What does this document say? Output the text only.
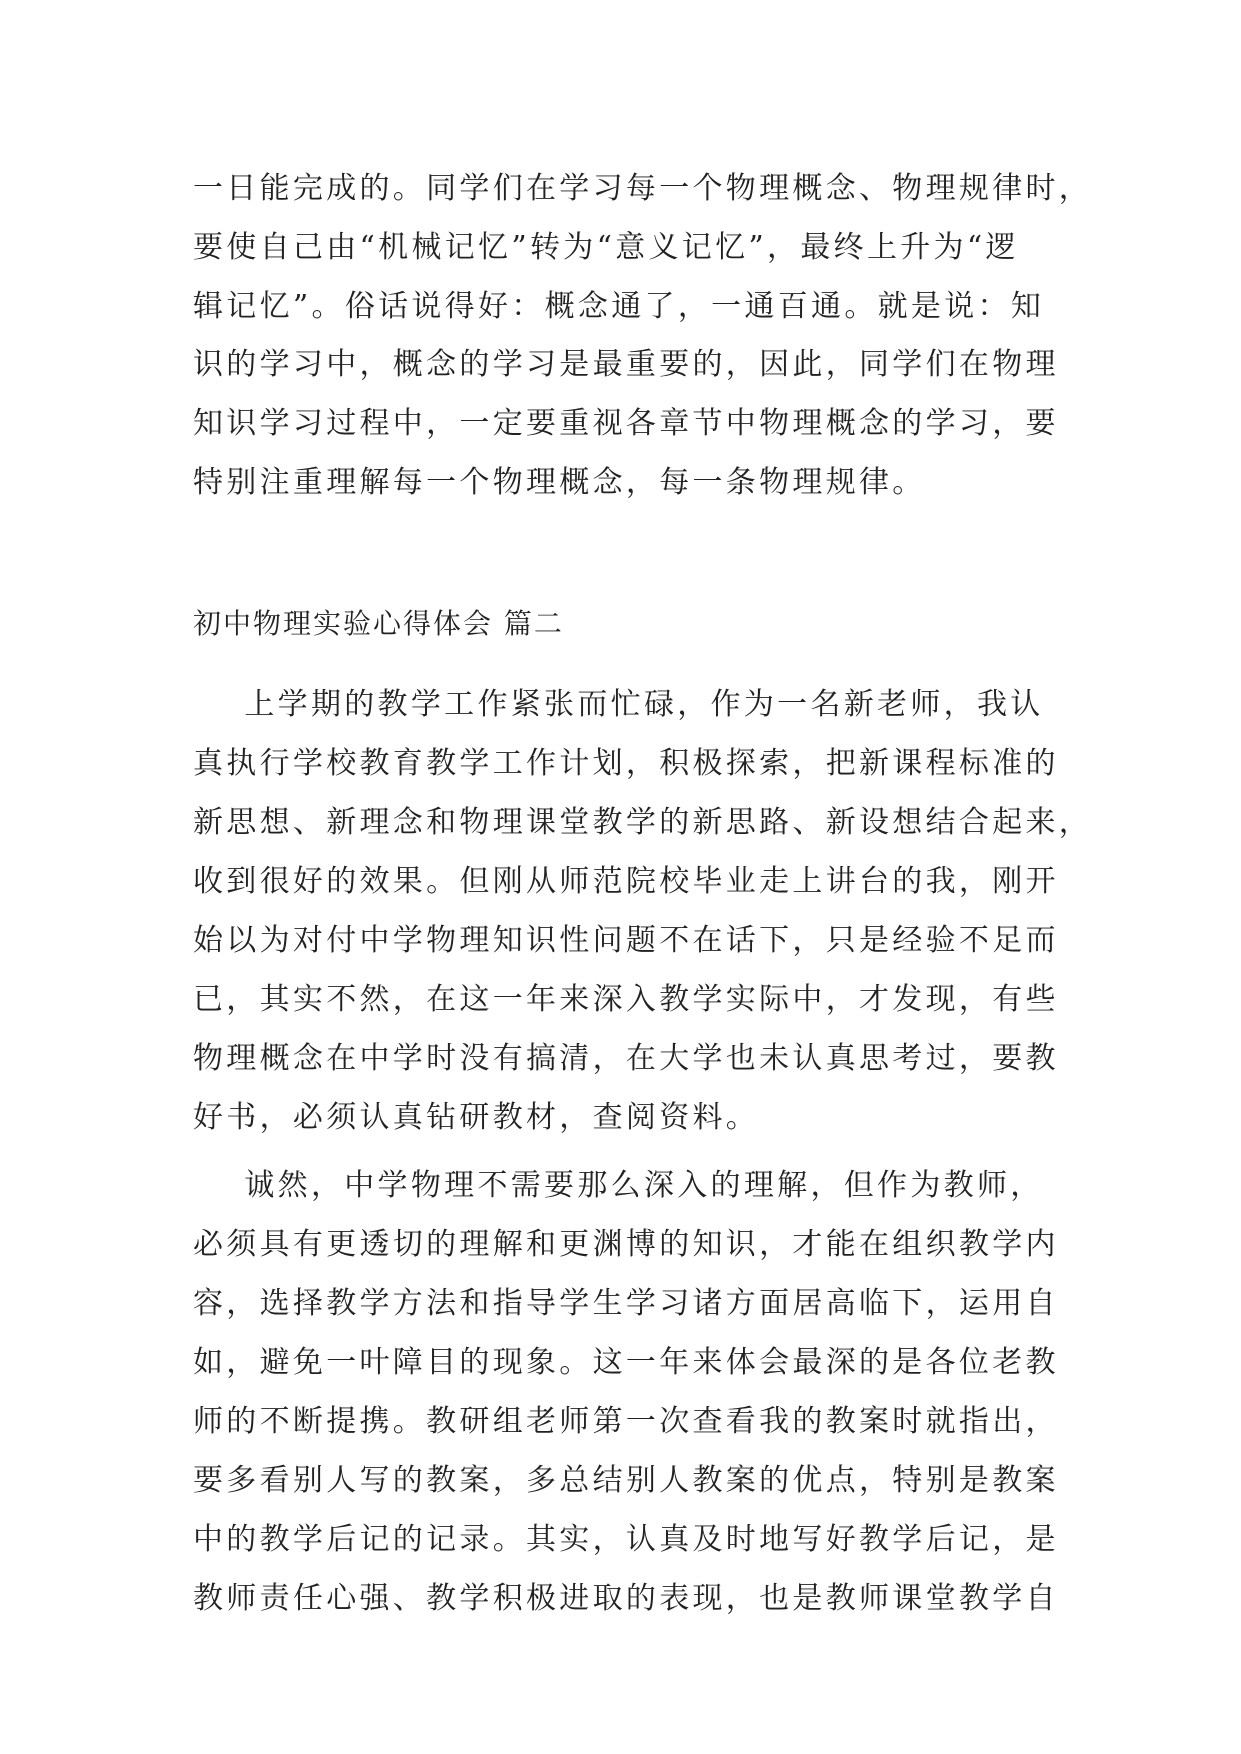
一日能完成的。同学们在学习每一个物理概念、物理规律时，

要使自己由“机械记忆”转为“意义记忆”，最终上升为“逻

辑记忆”。俗话说得好：概念通了，一通百通。就是说：知

识的学习中，概念的学习是最重要的，因此，同学们在物理

知识学习过程中，一定要重视各章节中物理概念的学习，要

特别注重理解每一个物理概念，每一条物理规律。

初中物理实验心得体会 篇二

上学期的教学工作紧张而忙碌，作为一名新老师，我认

真执行学校教育教学工作计划，积极探索，把新课程标准的

新思想、新理念和物理课堂教学的新思路、新设想结合起来，

收到很好的效果。但刚从师范院校毕业走上讲台的我，刚开

始以为对付中学物理知识性问题不在话下，只是经验不足而

已，其实不然，在这一年来深入教学实际中，才发现，有些

物理概念在中学时没有搞清，在大学也未认真思考过，要教

好书，必须认真钻研教材，查阅资料。

诚然，中学物理不需要那么深入的理解，但作为教师，

必须具有更透切的理解和更渊博的知识，才能在组织教学内

容，选择教学方法和指导学生学习诸方面居高临下，运用自

如，避免一叶障目的现象。这一年来体会最深的是各位老教

师的不断提携。教研组老师第一次查看我的教案时就指出，

要多看别人写的教案，多总结别人教案的优点，特别是教案

中的教学后记的记录。其实，认真及时地写好教学后记，是

教师责任心强、教学积极进取的表现，也是教师课堂教学自
